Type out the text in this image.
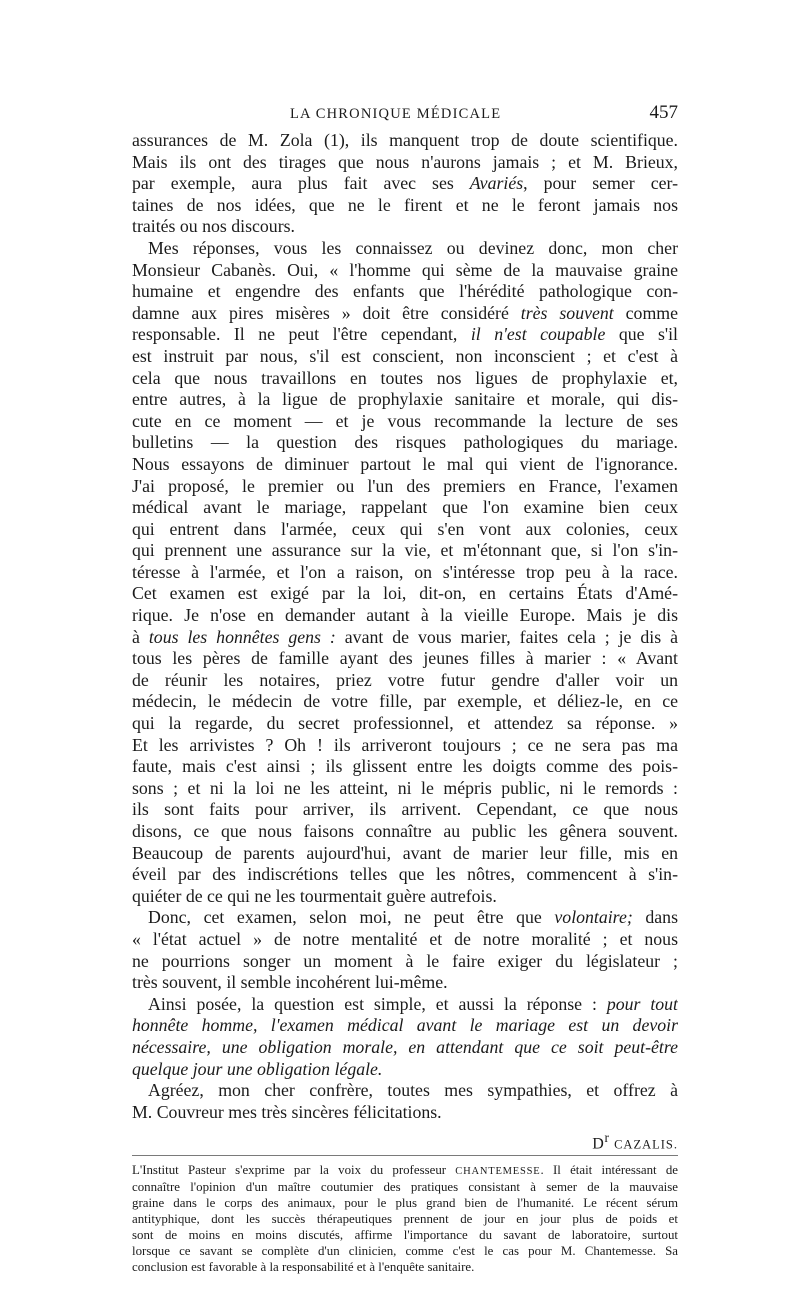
LA CHRONIQUE MÉDICALE	457
assurances de M. Zola (1), ils manquent trop de doute scientifique.
Mais ils ont des tirages que nous n'aurons jamais ; et M. Brieux,
par exemple, aura plus fait avec ses Avariés, pour semer cer-
taines de nos idées, que ne le firent et ne le feront jamais nos
traités ou nos discours.
Mes réponses, vous les connaissez ou devinez donc, mon cher
Monsieur Cabanès. Oui, « l'homme qui sème de la mauvaise graine
humaine et engendre des enfants que l'hérédité pathologique con-
damne aux pires misères » doit être considéré très souvent comme
responsable. Il ne peut l'être cependant, il n'est coupable que s'il
est instruit par nous, s'il est conscient, non inconscient ; et c'est à
cela que nous travaillons en toutes nos ligues de prophylaxie et,
entre autres, à la ligue de prophylaxie sanitaire et morale, qui dis-
cute en ce moment — et je vous recommande la lecture de ses
bulletins — la question des risques pathologiques du mariage.
Nous essayons de diminuer partout le mal qui vient de l'ignorance.
J'ai proposé, le premier ou l'un des premiers en France, l'examen
médical avant le mariage, rappelant que l'on examine bien ceux
qui entrent dans l'armée, ceux qui s'en vont aux colonies, ceux
qui prennent une assurance sur la vie, et m'étonnant que, si l'on s'in-
téresse à l'armée, et l'on a raison, on s'intéresse trop peu à la race.
Cet examen est exigé par la loi, dit-on, en certains États d'Amé-
rique. Je n'ose en demander autant à la vieille Europe. Mais je dis
à tous les honnêtes gens : avant de vous marier, faites cela ; je dis à
tous les pères de famille ayant des jeunes filles à marier : « Avant
de réunir les notaires, priez votre futur gendre d'aller voir un
médecin, le médecin de votre fille, par exemple, et déliez-le, en ce
qui la regarde, du secret professionnel, et attendez sa réponse. »
Et les arrivistes ? Oh ! ils arriveront toujours ; ce ne sera pas ma
faute, mais c'est ainsi ; ils glissent entre les doigts comme des pois-
sons ; et ni la loi ne les atteint, ni le mépris public, ni le remords :
ils sont faits pour arriver, ils arrivent. Cependant, ce que nous
disons, ce que nous faisons connaître au public les gênera souvent.
Beaucoup de parents aujourd'hui, avant de marier leur fille, mis en
éveil par des indiscrétions telles que les nôtres, commencent à s'in-
quiéter de ce qui ne les tourmentait guère autrefois.
Donc, cet examen, selon moi, ne peut être que volontaire; dans
« l'état actuel » de notre mentalité et de notre moralité ; et nous
ne pourrions songer un moment à le faire exiger du législateur ;
très souvent, il semble incohérent lui-même.
Ainsi posée, la question est simple, et aussi la réponse : pour tout
honnête homme, l'examen médical avant le mariage est un devoir
nécessaire, une obligation morale, en attendant que ce soit peut-être
quelque jour une obligation légale.
Agréez, mon cher confrère, toutes mes sympathies, et offrez à
M. Couvreur mes très sincères félicitations.
$D^r$ CAZALIS.
L'Institut Pasteur s'exprime par la voix du professeur CHANTEMESSE. Il était intéressant de
connaître l'opinion d'un maître coutumier des pratiques consistant à semer de la mauvaise
graine dans le corps des animaux, pour le plus grand bien de l'humanité. Le récent sérum
antityphique, dont les succès thérapeutiques prennent de jour en jour plus de poids et
sont de moins en moins discutés, affirme l'importance du savant de laboratoire, surtout
lorsque ce savant se complète d'un clinicien, comme c'est le cas pour M. Chantemesse. Sa
conclusion est favorable à la responsabilité et à l'enquête sanitaire.
